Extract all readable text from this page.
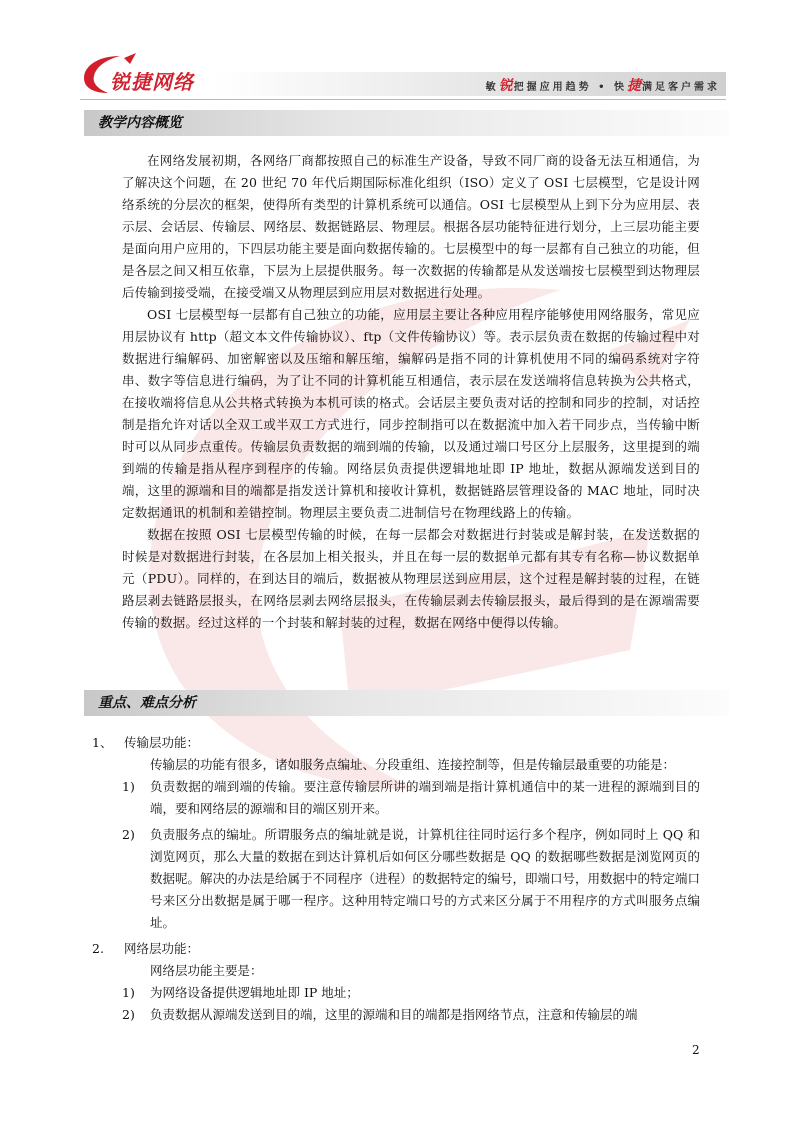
锐捷网络	敏锐把握应用趋势 • 快捷满足客户需求
教学内容概览

在网络发展初期，各网络厂商都按照自己的标准生产设备，导致不同厂商的设备无法互相通信，为了解决这个问题，在 20 世纪 70 年代后期国际标准化组织（ISO）定义了 OSI 七层模型，它是设计网络系统的分层次的框架，使得所有类型的计算机系统可以通信。OSI 七层模型从上到下分为应用层、表示层、会话层、传输层、网络层、数据链路层、物理层。根据各层功能特征进行划分，上三层功能主要是面向用户应用的，下四层功能主要是面向数据传输的。七层模型中的每一层都有自己独立的功能，但是各层之间又相互依靠，下层为上层提供服务。每一次数据的传输都是从发送端按七层模型到达物理层后传输到接受端，在接受端又从物理层到应用层对数据进行处理。

OSI 七层模型每一层都有自己独立的功能，应用层主要让各种应用程序能够使用网络服务，常见应用层协议有 http（超文本文件传输协议）、ftp（文件传输协议）等。表示层负责在数据的传输过程中对数据进行编解码、加密解密以及压缩和解压缩，编解码是指不同的计算机使用不同的编码系统对字符串、数字等信息进行编码，为了让不同的计算机能互相通信，表示层在发送端将信息转换为公共格式，在接收端将信息从公共格式转换为本机可读的格式。会话层主要负责对话的控制和同步的控制，对话控制是指允许对话以全双工或半双工方式进行，同步控制指可以在数据流中加入若干同步点，当传输中断时可以从同步点重传。传输层负责数据的端到端的传输，以及通过端口号区分上层服务，这里提到的端到端的传输是指从程序到程序的传输。网络层负责提供逻辑地址即 IP 地址，数据从源端发送到目的端，这里的源端和目的端都是指发送计算机和接收计算机，数据链路层管理设备的 MAC 地址，同时决定数据通讯的机制和差错控制。物理层主要负责二进制信号在物理线路上的传输。

数据在按照 OSI 七层模型传输的时候，在每一层都会对数据进行封装或是解封装，在发送数据的时候是对数据进行封装，在各层加上相关报头，并且在每一层的数据单元都有其专有名称—协议数据单元（PDU）。同样的，在到达目的端后，数据被从物理层送到应用层，这个过程是解封装的过程，在链路层剥去链路层报头，在网络层剥去网络层报头，在传输层剥去传输层报头，最后得到的是在源端需要传输的数据。经过这样的一个封装和解封装的过程，数据在网络中便得以传输。

重点、难点分析
1、 传输层功能：

传输层的功能有很多，诸如服务点编址、分段重组、连接控制等，但是传输层最重要的功能是：

1)	负责数据的端到端的传输。要注意传输层所讲的端到端是指计算机通信中的某一进程的源端到目的端，要和网络层的源端和目的端区别开来。
2)	负责服务点的编址。所谓服务点的编址就是说，计算机往往同时运行多个程序，例如同时上 QQ 和浏览网页，那么大量的数据在到达计算机后如何区分哪些数据是 QQ 的数据哪些数据是浏览网页的数据呢。解决的办法是给属于不同程序（进程）的数据特定的编号，即端口号，用数据中的特定端口号来区分出数据是属于哪一程序。这种用特定端口号的方式来区分属于不用程序的方式叫服务点编址。
2.	网络层功能：

网络层功能主要是：

1)	为网络设备提供逻辑地址即 IP 地址；
2)	负责数据从源端发送到目的端，这里的源端和目的端都是指网络节点，注意和传输层的端
2
